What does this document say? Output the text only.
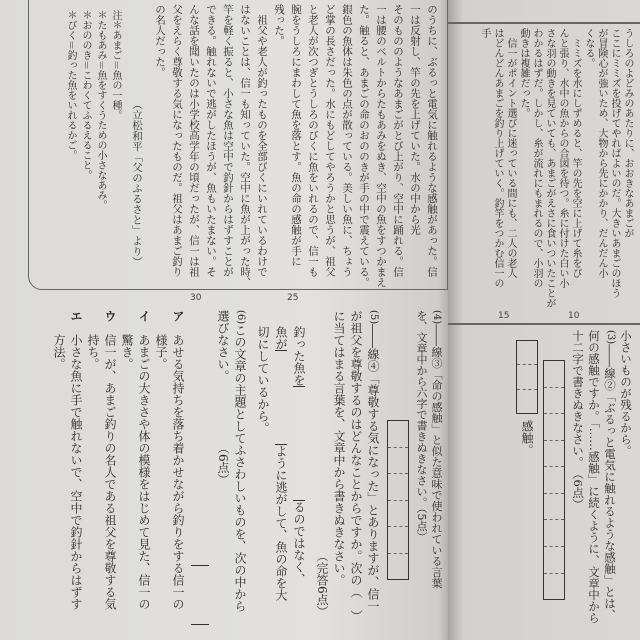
のうちに、ぶるっと電気に触れるような感触があった。信
一は反射し、竿の先を上げていた。水の中から光
そのもののようなあまごがとび上がり、空中に踊れる。信
一は腰のベルトからたもあみをぬき、空中の魚をすつかまえ
た。触ると、あまごの命のおののきが手の中で震えている。
銀色の魚体は朱色の点が散っている。美しい魚に、ちょう
ど掌の長さだった。水にもどしてやろうかと思うが、祖父
と老人が次つぎとうしろのびくに魚をいれるので、信一も
腕をうしろにまわして魚を落とす。魚の命の感触が手に
残った。
　祖父や老人が釣ったものを全部びくにいれているわけで
はないことは、信一も知っていた。空中に魚が上がった時、
竿を軽く振ると、小さな魚は空中で釣針からはずすことが
できる。触れないで逃がしたほうが、魚もいたまない。そ
んな話を聞いたのは小学校高学年の頃だったが、信一は祖
父をえらく尊敬する気になったものだ。祖父はあまご釣り
の名人だった。
（立松和平「父のふるさと」より）
注＊あまご＝魚の一種。
＊たもあみ＝魚をすくうための小さなあみ。
＊おののき＝こわくてふるえること。
＊びく＝釣った魚をいれるかご。
25
30
(4)――線③「命の感触」と似た意味で使われている言葉
を、文章中から六字で書きぬきなさい。（5点）
(5)――線④「尊敬する気になった」とありますが、信一
が祖父を尊敬するのはどんなことからですか。次の（　）
に当てはまる言葉を、文章中から書きぬきなさい。
（完答6点）
釣った魚をるのではなく、
魚がように逃がして、魚の命を大
切にしているから。
(6)この文章の主題としてふさわしいものを、次の中から
選びなさい。　　　　　　（6点）
ア　あせる気持ちを落ち着かせながら釣りをする信一の
　　様子。
イ　あまごの大きさや体の模様をはじめて見た、信一の
　　驚き。
ウ　信一が、あまご釣りの名人である祖父を尊敬する気
　　持ち。
エ　小さな魚に手で触れないで、空中で釣針からはずす
　　方法。
うしろのよどみのあたりに、おおきなあまごが
ここにミミズを投げてやればよいのだ。大きいあまごのほう
が冒険心が強いため、大物から先にかかり、だんだん小
くなる。
　ミミズを水にしずめると、竿の先を空に上げて糸をぴ
んと張り、水中の魚からの合図を待つ。糸に付けた白い小
さな羽の動きを見ていても、あまごがえさに食いついたことが
わかるはずだ。しかし、糸が流れにもまれるので、小羽の
動きは複雑だった。
　信一がポイント選びに迷っている間にも、二人の老人
はどんどんあまごを釣り上げていく。釣竿をつかむ信一の
手
10
15
小さいものが残るから。
(3)――線②「ぶるっと電気に触れるような感触」とは、
何の感触ですか。「……感触」に続くように、文章中から
十二字で書きぬきなさい。　（6点）
感触。
